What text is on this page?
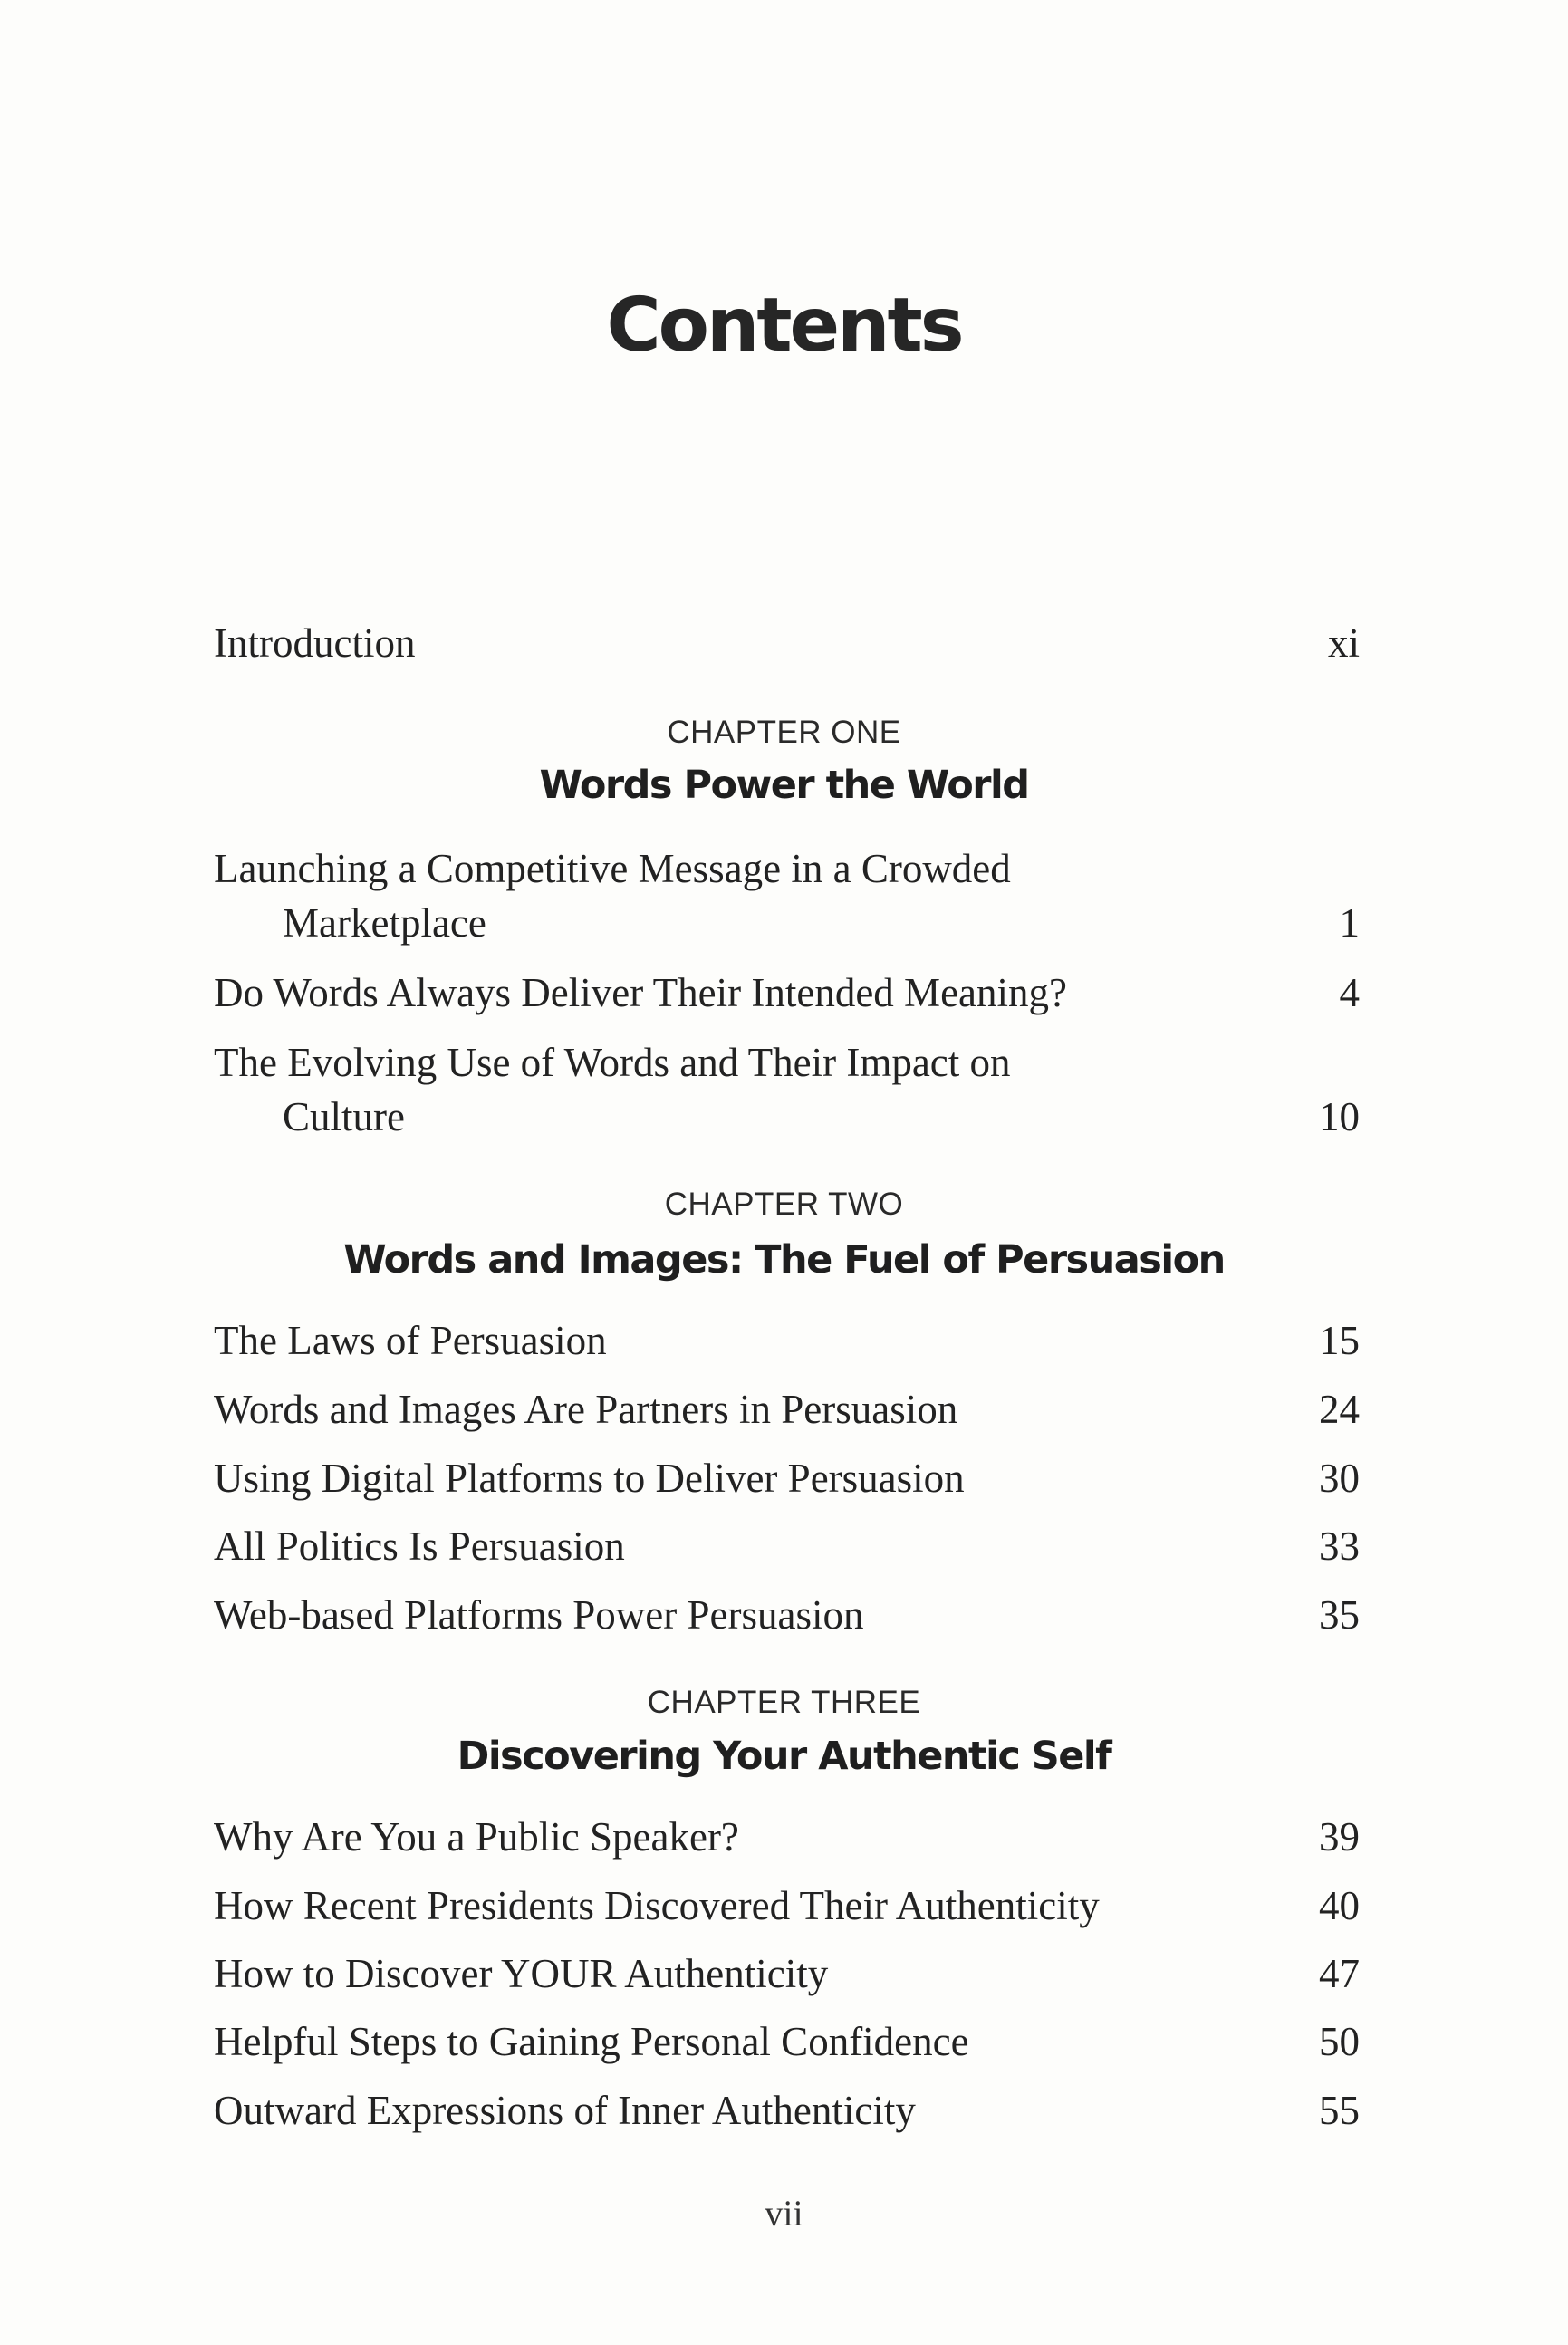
Contents
Introduction	xi
CHAPTER ONE
Words Power the World
Launching a Competitive Message in a Crowded
Marketplace	1
Do Words Always Deliver Their Intended Meaning?	4
The Evolving Use of Words and Their Impact on
Culture	10
CHAPTER TWO
Words and Images: The Fuel of Persuasion
The Laws of Persuasion	15
Words and Images Are Partners in Persuasion	24
Using Digital Platforms to Deliver Persuasion	30
All Politics Is Persuasion	33
Web-based Platforms Power Persuasion	35
CHAPTER THREE
Discovering Your Authentic Self
Why Are You a Public Speaker?	39
How Recent Presidents Discovered Their Authenticity	40
How to Discover YOUR Authenticity	47
Helpful Steps to Gaining Personal Confidence	50
Outward Expressions of Inner Authenticity	55
vii
